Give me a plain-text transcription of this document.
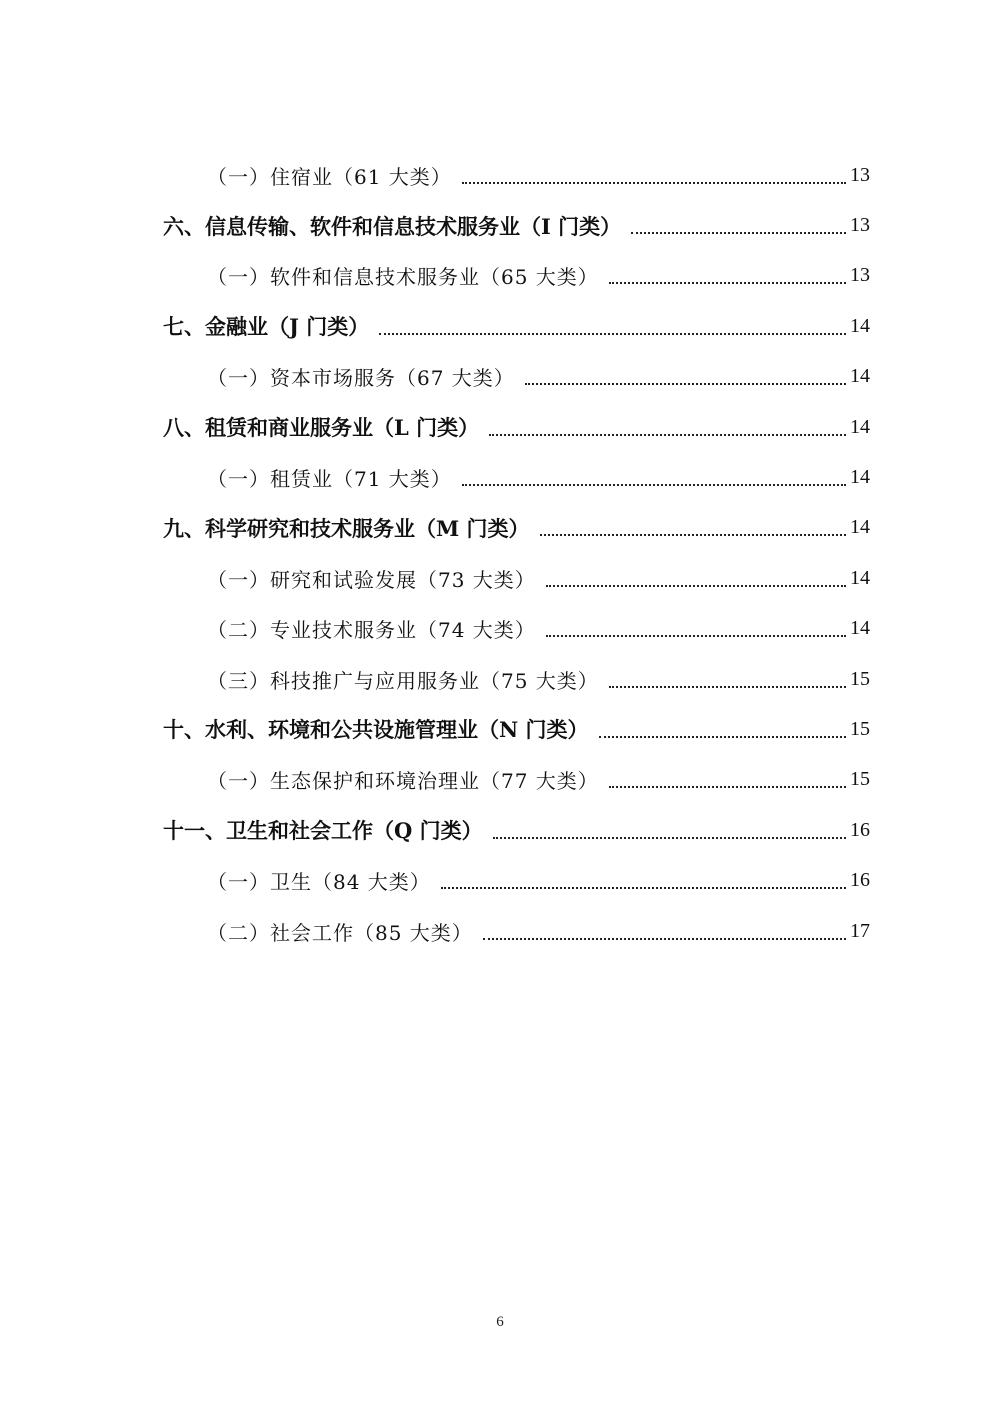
（一）住宿业（61 大类）	13
六、信息传输、软件和信息技术服务业（I 门类）	13
（一）软件和信息技术服务业（65 大类）	13
七、金融业（J 门类）	14
（一）资本市场服务（67 大类）	14
八、租赁和商业服务业（L 门类）	14
（一）租赁业（71 大类）	14
九、科学研究和技术服务业（M 门类）	14
（一）研究和试验发展（73 大类）	14
（二）专业技术服务业（74 大类）	14
（三）科技推广与应用服务业（75 大类）	15
十、水利、环境和公共设施管理业（N 门类）	15
（一）生态保护和环境治理业（77 大类）	15
十一、卫生和社会工作（Q 门类）	16
（一）卫生（84 大类）	16
（二）社会工作（85 大类）	17
6
